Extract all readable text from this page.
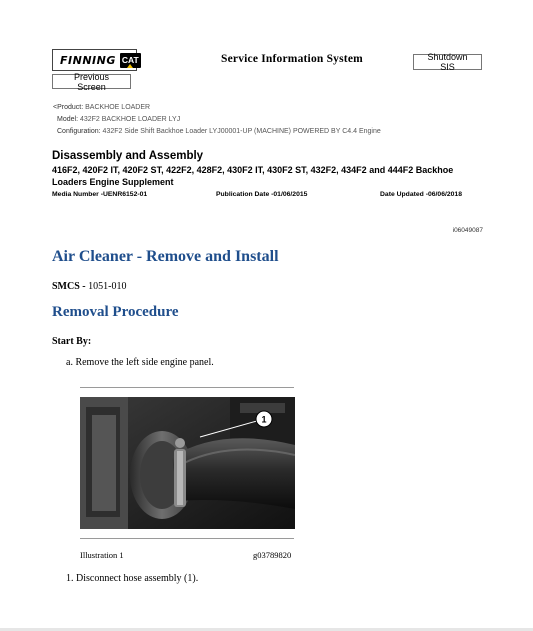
FINNING CAT	Service Information System	Shutdown SIS
Previous Screen
<Product: BACKHOE LOADER
Model: 432F2 BACKHOE LOADER LYJ
Configuration: 432F2 Side Shift Backhoe Loader LYJ00001-UP (MACHINE) POWERED BY C4.4 Engine
Disassembly and Assembly
416F2, 420F2 IT, 420F2 ST, 422F2, 428F2, 430F2 IT, 430F2 ST, 432F2, 434F2 and 444F2 Backhoe Loaders Engine Supplement
Media Number -UENR6152-01	Publication Date -01/06/2015	Date Updated -06/06/2018
i06049087
Air Cleaner - Remove and Install
SMCS - 1051-010
Removal Procedure
Start By:
a. Remove the left side engine panel.
1
Illustration 1	g03789820
1. Disconnect hose assembly (1).
